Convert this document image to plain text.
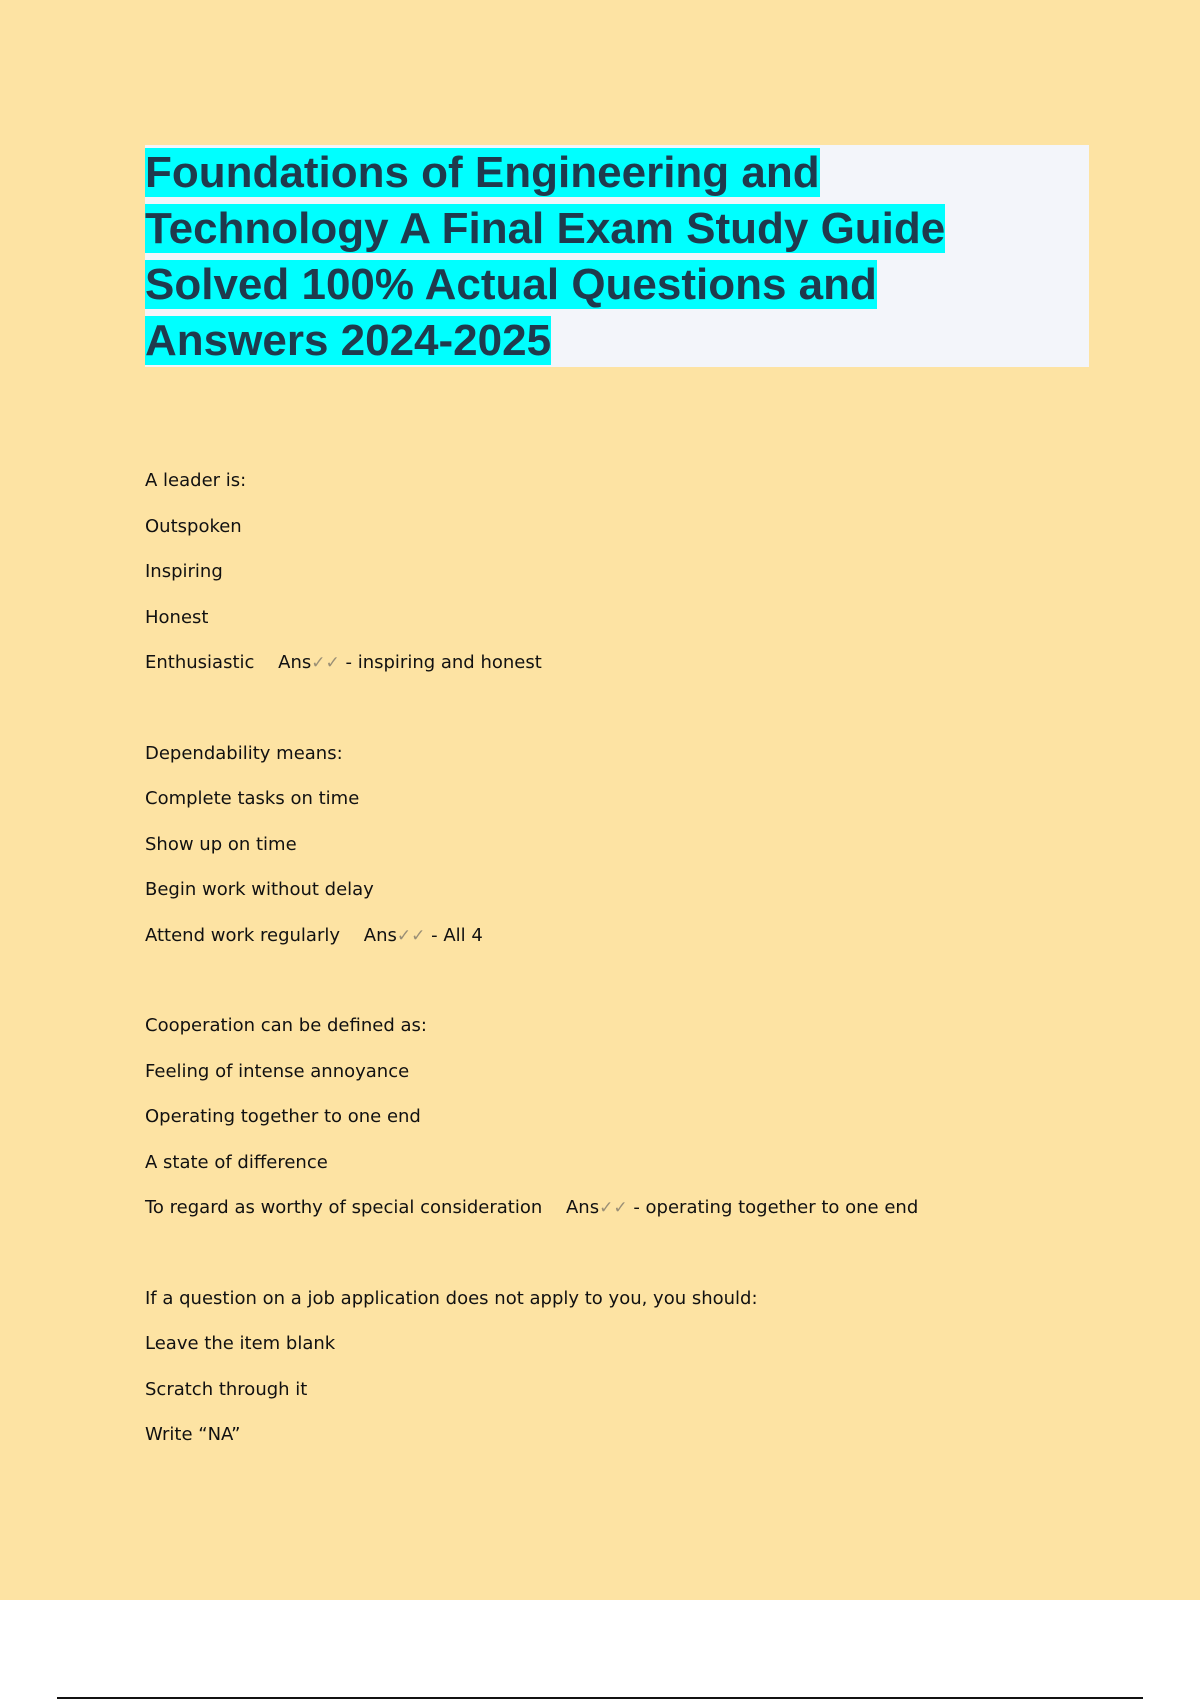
Foundations of Engineering and
Technology A Final Exam Study Guide
Solved 100% Actual Questions and
Answers 2024-2025
A leader is:
Outspoken
Inspiring
Honest
Enthusiastic Ans✓✓ - inspiring and honest
Dependability means:
Complete tasks on time
Show up on time
Begin work without delay
Attend work regularly Ans✓✓ - All 4
Cooperation can be defined as:
Feeling of intense annoyance
Operating together to one end
A state of difference
To regard as worthy of special consideration Ans✓✓ - operating together to one end
If a question on a job application does not apply to you, you should:
Leave the item blank
Scratch through it
Write “NA”
